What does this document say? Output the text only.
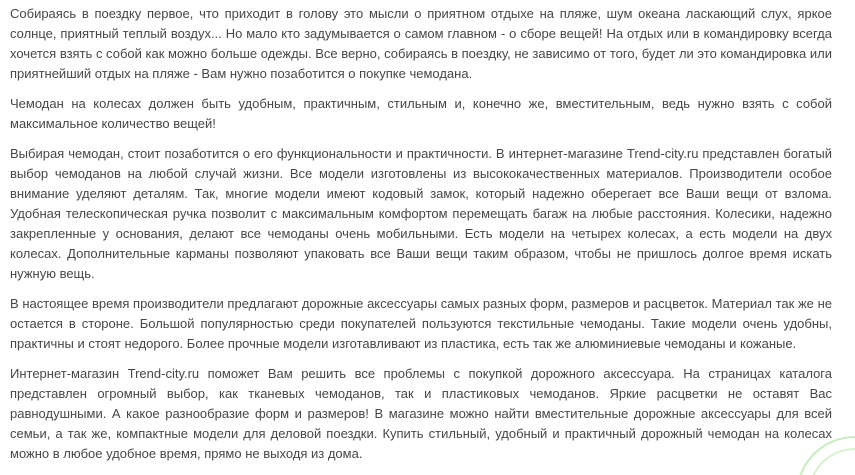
Собираясь в поездку первое, что приходит в голову это мысли о приятном отдыхе на пляже, шум океана ласкающий слух, яркое солнце, приятный теплый воздух... Но мало кто задумывается о самом главном - о сборе вещей! На отдых или в командировку всегда хочется взять с собой как можно больше одежды. Все верно, собираясь в поездку, не зависимо от того, будет ли это командировка или приятнейший отдых на пляже - Вам нужно позаботится о покупке чемодана.

Чемодан на колесах должен быть удобным, практичным, стильным и, конечно же, вместительным, ведь нужно взять с собой максимальное количество вещей!

Выбирая чемодан, стоит позаботится о его функциональности и практичности. В интернет-магазине Trend-city.ru представлен богатый выбор чемоданов на любой случай жизни. Все модели изготовлены из высококачественных материалов. Производители особое внимание уделяют деталям. Так, многие модели имеют кодовый замок, который надежно оберегает все Ваши вещи от взлома. Удобная телескопическая ручка позволит с максимальным комфортом перемещать багаж на любые расстояния. Колесики, надежно закрепленные у основания, делают все чемоданы очень мобильными. Есть модели на четырех колесах, а есть модели на двух колесах. Дополнительные карманы позволяют упаковать все Ваши вещи таким образом, чтобы не пришлось долгое время искать нужную вещь.

В настоящее время производители предлагают дорожные аксессуары самых разных форм, размеров и расцветок. Материал так же не остается в стороне. Большой популярностью среди покупателей пользуются текстильные чемоданы. Такие модели очень удобны, практичны и стоят недорого. Более прочные модели изготавливают из пластика, есть так же алюминиевые чемоданы и кожаные.

Интернет-магазин Trend-city.ru поможет Вам решить все проблемы с покупкой дорожного аксессуара. На страницах каталога представлен огромный выбор, как тканевых чемоданов, так и пластиковых чемоданов. Яркие расцветки не оставят Вас равнодушными. А какое разнообразие форм и размеров! В магазине можно найти вместительные дорожные аксессуары для всей семьи, а так же, компактные модели для деловой поездки. Купить стильный, удобный и практичный дорожный чемодан на колесах можно в любое удобное время, прямо не выходя из дома.
